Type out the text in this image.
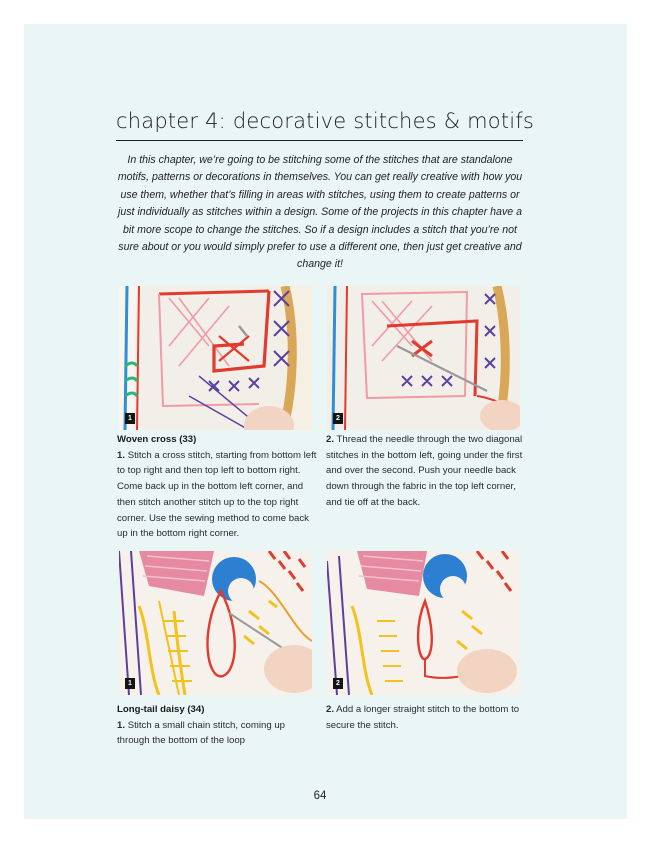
chapter 4: decorative stitches & motifs

In this chapter, we’re going to be stitching some of the stitches that are standalone motifs, patterns or decorations in themselves. You can get really creative with how you use them, whether that’s filling in areas with stitches, using them to create patterns or just individually as stitches within a design. Some of the projects in this chapter have a bit more scope to change the stitches. So if a design includes a stitch that you’re not sure about or you would simply prefer to use a different one, then just get creative and change it!

1	2

Woven cross (33)
1. Stitch a cross stitch, starting from bottom left to top right and then top left to bottom right. Come back up in the bottom left corner, and then stitch another stitch up to the top right corner. Use the sewing method to come back up in the bottom right corner.

2. Thread the needle through the two diagonal stitches in the bottom left, going under the first and over the second. Push your needle back down through the fabric in the top left corner, and tie off at the back.

1	2

Long-tail daisy (34)
1. Stitch a small chain stitch, coming up through the bottom of the loop

2. Add a longer straight stitch to the bottom to secure the stitch.

64
